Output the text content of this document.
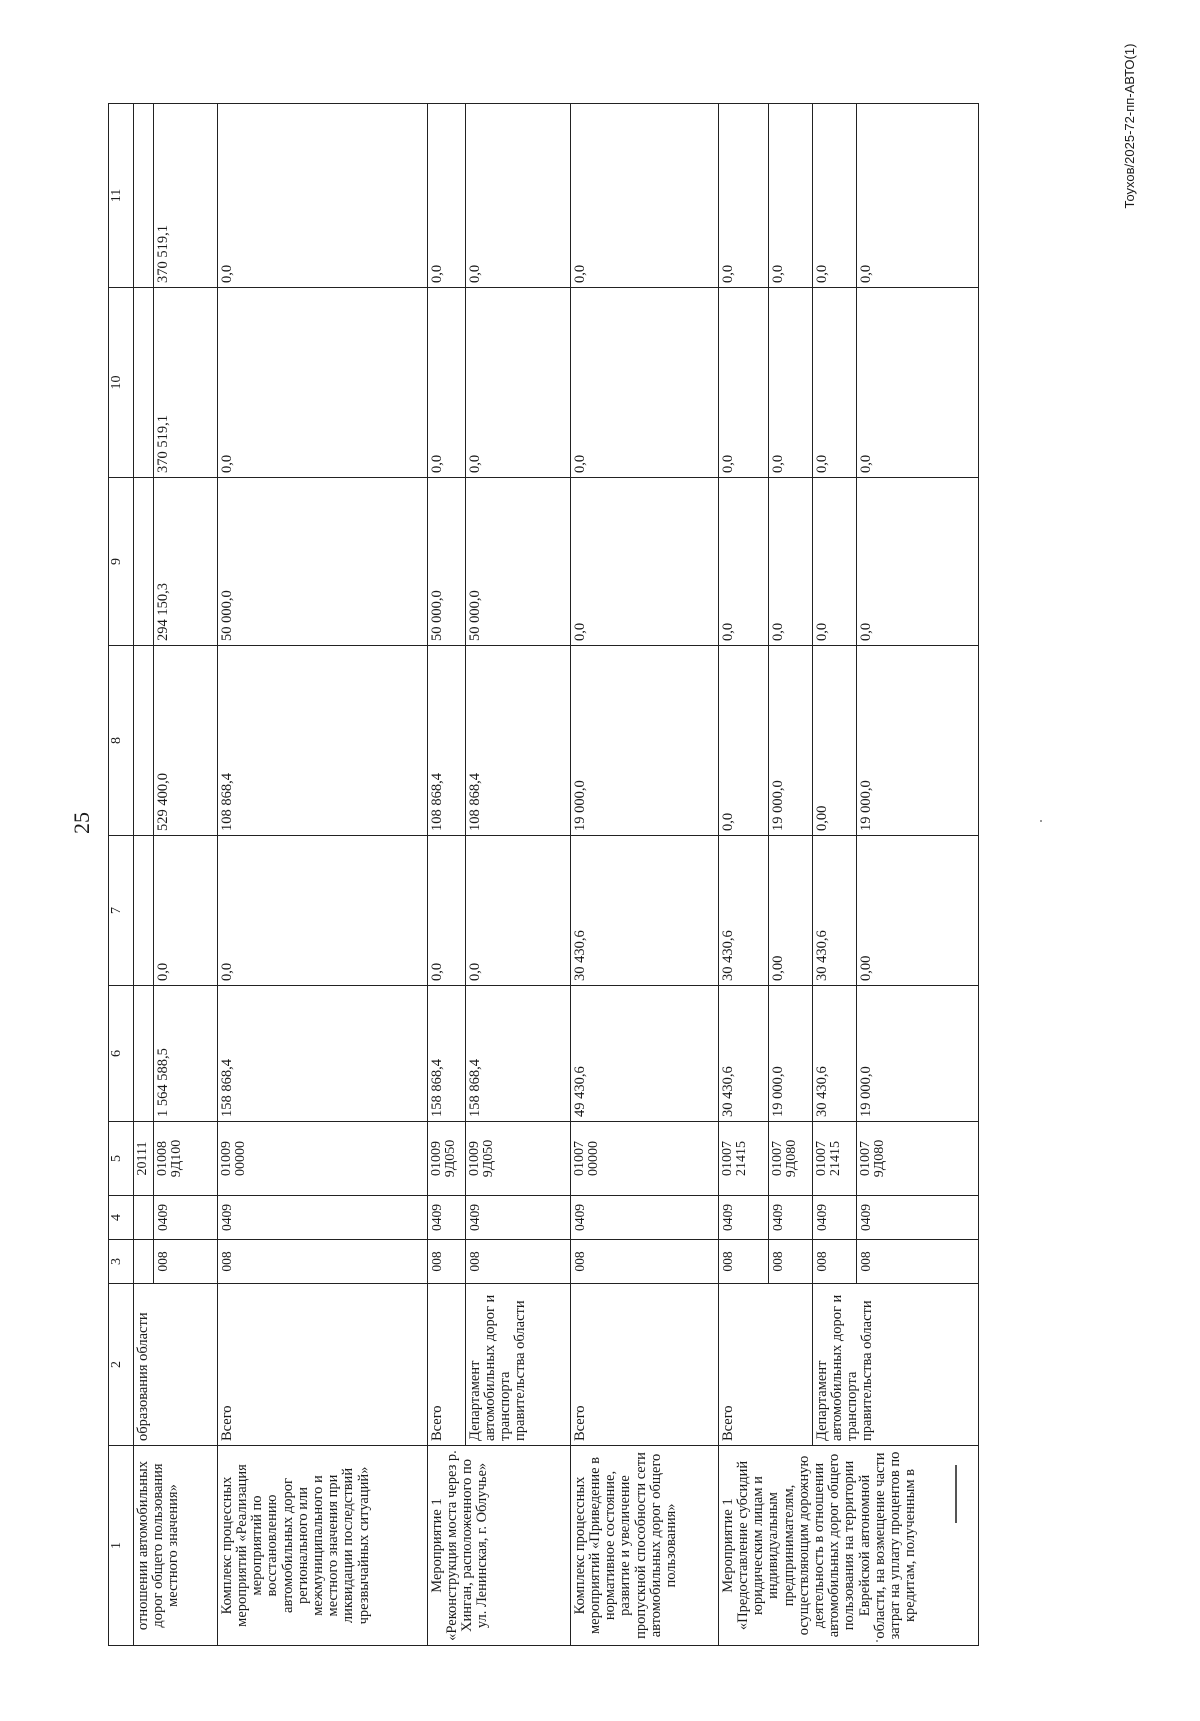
25
Тоухов/2025-72-пп-АВТО(1)
1	2	3	4	5	6	7	8	9	10	11
отношении автомобильных дорог общего пользования местного значения»	образования области			20111						
		008	0409	01008 9Д100	1 564 588,5	0,0	529 400,0	294 150,3	370 519,1	370 519,1
Комплекс процессных мероприятий «Реализация мероприятий по восстановлению автомобильных дорог регионального или межмуниципального и местного значения при ликвидации последствий чрезвычайных ситуаций»	Всего	008	0409	01009 00000	158 868,4	0,0	108 868,4	50 000,0	0,0	0,0
Мероприятие 1 «Реконструкция моста через р. Хинган, расположенного по ул. Ленинская, г. Облучье»	Всего	008	0409	01009 9Д050	158 868,4	0,0	108 868,4	50 000,0	0,0	0,0
	Департамент автомобильных дорог и транспорта правительства области	008	0409	01009 9Д050	158 868,4	0,0	108 868,4	50 000,0	0,0	0,0
Комплекс процессных мероприятий «Приведение в нормативное состояние, развитие и увеличение пропускной способности сети автомобильных дорог общего пользования»	Всего	008	0409	01007 00000	49 430,6	30 430,6	19 000,0	0,0	0,0	0,0
Мероприятие 1 «Предоставление субсидий юридическим лицам и индивидуальным предпринимателям, осуществляющим дорожную деятельность в отношении автомобильных дорог общего пользования на территории Еврейской автономной области, на возмещение части затрат на уплату процентов по кредитам, полученным в	Всего	008	0409	01007 21415	30 430,6	30 430,6	0,0	0,0	0,0	0,0
		008	0409	01007 9Д080	19 000,0	0,00	19 000,0	0,0	0,0	0,0
	Департамент автомобильных дорог и транспорта правительства области	008	0409	01007 21415	30 430,6	30 430,6	0,00	0,0	0,0	0,0
		008	0409	01007 9Д080	19 000,0	0,00	19 000,0	0,0	0,0	0,0
